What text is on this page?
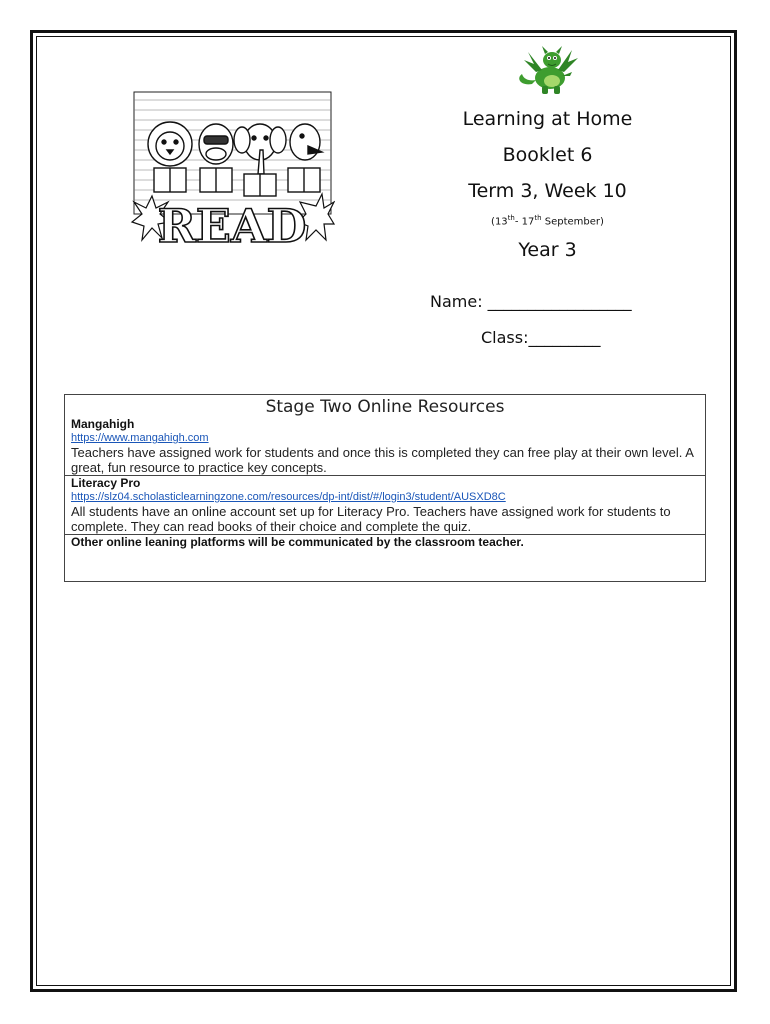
READ
Learning at Home
Booklet 6
Term 3, Week 10
(13th- 17th September)
Year 3
Name: __________________
Class:_________
Stage Two Online Resources
Mangahigh
https://www.mangahigh.com
Teachers have assigned work for students and once this is completed they can free play at their own level. A great, fun resource to practice key concepts.
Literacy Pro
https://slz04.scholasticlearningzone.com/resources/dp-int/dist/#/login3/student/AUSXD8C
All students have an online account set up for Literacy Pro. Teachers have assigned work for students to complete. They can read books of their choice and complete the quiz.
Other online leaning platforms will be communicated by the classroom teacher.
